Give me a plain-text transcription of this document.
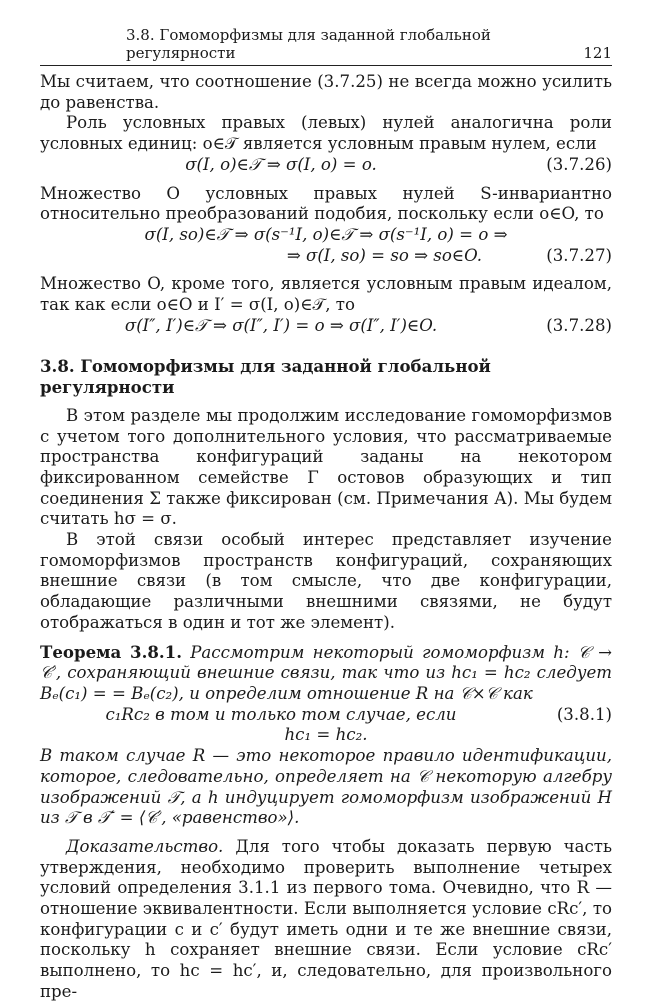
3.8. Гомоморфизмы для заданной глобальной регулярности	121

Мы считаем, что соотношение (3.7.25) не всегда можно усилить до равенства.

Роль условных правых (левых) нулей аналогична роли условных единиц: o∈𝒯 является условным правым нулем, если

σ(I, o)∈𝒯 ⇒ σ(I, o) = o.	(3.7.26)

Множество O условных правых нулей S-инвариантно относительно преобразований подобия, поскольку если o∈O, то

σ(I, so)∈𝒯 ⇒ σ(s⁻¹I, o)∈𝒯 ⇒ σ(s⁻¹I, o) = o ⇒
⇒ σ(I, so) = so ⇒ so∈O.	(3.7.27)

Множество O, кроме того, является условным правым идеалом, так как если o∈O и I′ = σ(I, o)∈𝒯, то

σ(I″, I′)∈𝒯 ⇒ σ(I″, I′) = o ⇒ σ(I″, I′)∈O.	(3.7.28)
3.8. Гомоморфизмы для заданной глобальной регулярности

В этом разделе мы продолжим исследование гомоморфизмов с учетом того дополнительного условия, что рассматриваемые пространства конфигураций заданы на некотором фиксированном семействе Γ остовов образующих и тип соединения Σ также фиксирован (см. Примечания А). Мы будем считать hσ = σ.

В этой связи особый интерес представляет изучение гомоморфизмов пространств конфигураций, сохраняющих внешние связи (в том смысле, что две конфигурации, обладающие различными внешними связями, не будут отображаться в один и тот же элемент).

Теорема 3.8.1. Рассмотрим некоторый гомоморфизм h: 𝒞 → 𝒞′, сохраняющий внешние связи, так что из hc₁ = hc₂ следует Bₑ(c₁) = = Bₑ(c₂), и определим отношение R на 𝒞×𝒞 как

c₁Rc₂ в том и только том случае, если	(3.8.1)
hc₁ = hc₂.

В таком случае R — это некоторое правило идентификации, которое, следовательно, определяет на 𝒞 некоторую алгебру изображений 𝒯, а h индуцирует гомоморфизм изображений H из 𝒯 в 𝒯′ = ⟨𝒞′, «равенство»⟩.

Доказательство. Для того чтобы доказать первую часть утверждения, необходимо проверить выполнение четырех условий определения 3.1.1 из первого тома. Очевидно, что R — отношение эквивалентности. Если выполняется условие cRc′, то конфигурации c и c′ будут иметь одни и те же внешние связи, поскольку h сохраняет внешние связи. Если условие cRc′ выполнено, то hc = hc′, и, следовательно, для произвольного пре-
